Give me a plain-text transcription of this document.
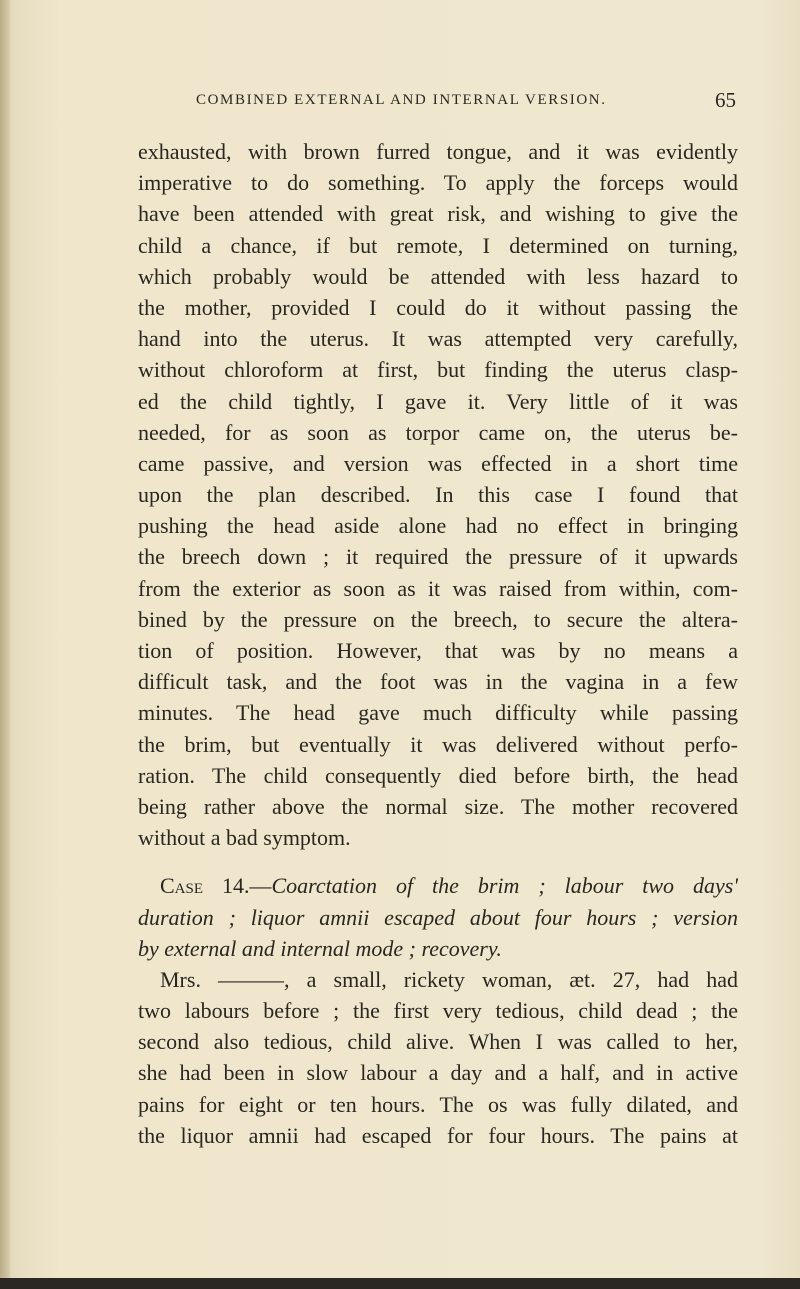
COMBINED EXTERNAL AND INTERNAL VERSION.	65
exhausted, with brown furred tongue, and it was evidently
imperative to do something. To apply the forceps would
have been attended with great risk, and wishing to give the
child a chance, if but remote, I determined on turning,
which probably would be attended with less hazard to
the mother, provided I could do it without passing the
hand into the uterus. It was attempted very carefully,
without chloroform at first, but finding the uterus clasp-
ed the child tightly, I gave it. Very little of it was
needed, for as soon as torpor came on, the uterus be-
came passive, and version was effected in a short time
upon the plan described. In this case I found that
pushing the head aside alone had no effect in bringing
the breech down ; it required the pressure of it upwards
from the exterior as soon as it was raised from within, com-
bined by the pressure on the breech, to secure the altera-
tion of position. However, that was by no means a
difficult task, and the foot was in the vagina in a few
minutes. The head gave much difficulty while passing
the brim, but eventually it was delivered without perfo-
ration. The child consequently died before birth, the head
being rather above the normal size. The mother recovered
without a bad symptom.
Case 14.—Coarctation of the brim ; labour two days'
duration ; liquor amnii escaped about four hours ; version
by external and internal mode ; recovery.
Mrs. ———, a small, rickety woman, æt. 27, had had
two labours before ; the first very tedious, child dead ; the
second also tedious, child alive. When I was called to her,
she had been in slow labour a day and a half, and in active
pains for eight or ten hours. The os was fully dilated, and
the liquor amnii had escaped for four hours. The pains at
